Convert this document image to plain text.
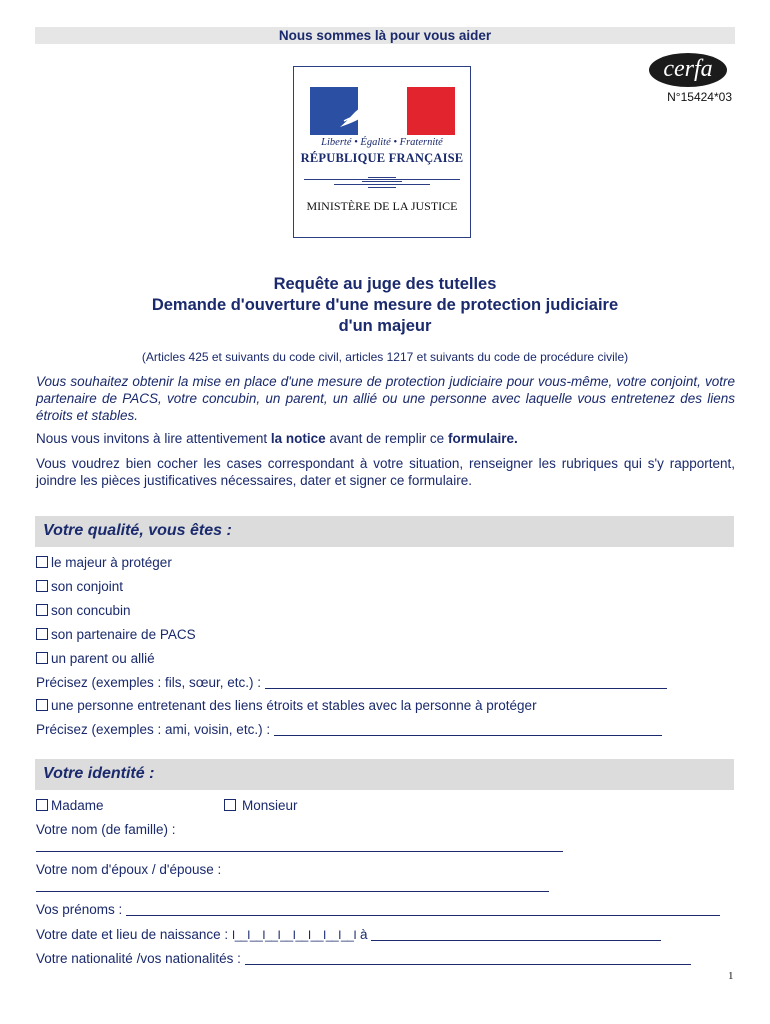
Nous sommes là pour vous aider
Liberté • Égalité • Fraternité
RÉPUBLIQUE FRANÇAISE
MINISTÈRE DE LA JUSTICE
cerfa
N°15424*03
Requête au juge des tutelles
Demande d'ouverture d'une mesure de protection judiciaire
d'un majeur
(Articles 425 et suivants du code civil, articles 1217 et suivants du code de procédure civile)
Vous souhaitez obtenir la mise en place d'une mesure de protection judiciaire pour vous-même, votre conjoint, votre partenaire de PACS, votre concubin, un parent, un allié ou une personne avec laquelle vous entretenez des liens étroits et stables.
Nous vous invitons à lire attentivement la notice avant de remplir ce formulaire.
Vous voudrez bien cocher les cases correspondant à votre situation, renseigner les rubriques qui s'y rapportent, joindre les pièces justificatives nécessaires, dater et signer ce formulaire.
Votre qualité, vous êtes :
le majeur à protéger
son conjoint
son concubin
son partenaire de PACS
un parent ou allié
Précisez (exemples : fils, sœur, etc.) :
une personne entretenant des liens étroits et stables avec la personne à protéger
Précisez (exemples : ami, voisin, etc.) :
Votre identité :
Madame	Monsieur
Votre nom (de famille) :
Votre nom d'époux / d'épouse :
Vos prénoms :
Votre date et lieu de naissance : I__I__I__I__I__I__I__I__I à
Votre nationalité /vos nationalités :
1
